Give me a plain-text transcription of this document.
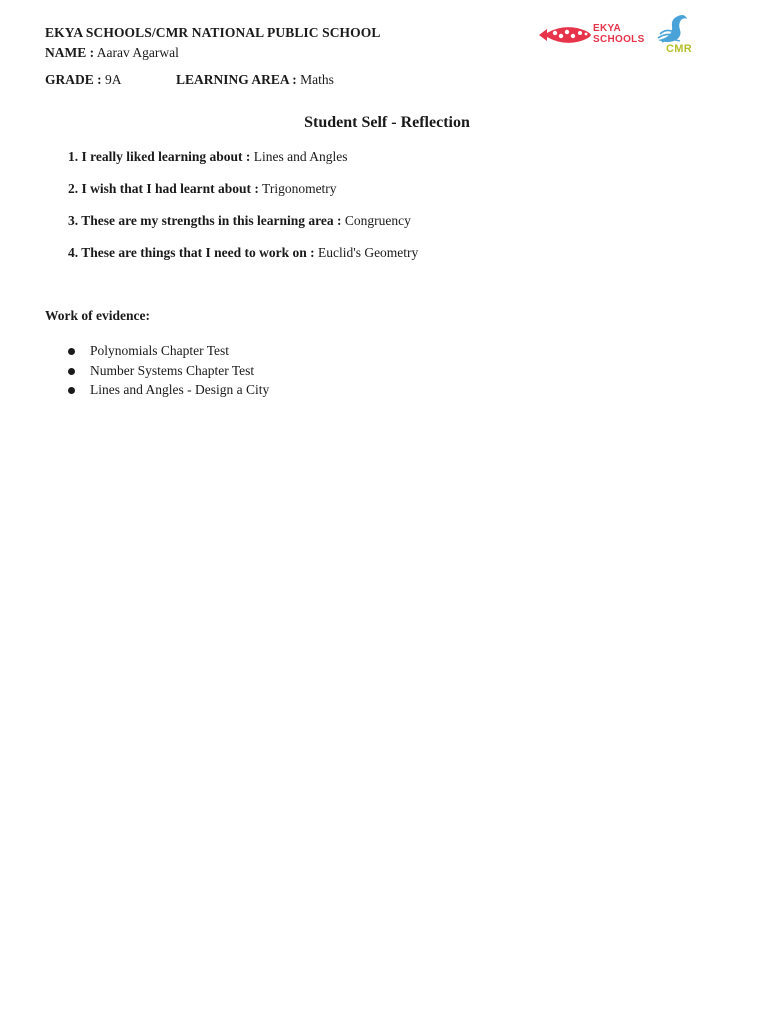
EKYA SCHOOLS/CMR NATIONAL PUBLIC SCHOOL
NAME : Aarav Agarwal
GRADE : 9A	LEARNING AREA : Maths
EKYA
SCHOOLS
CMR
Student Self - Reflection
1. I really liked learning about : Lines and Angles
2. I wish that I had learnt about : Trigonometry
3. These are my strengths in this learning area : Congruency
4. These are things that I need to work on : Euclid's Geometry
Work of evidence:
Polynomials Chapter Test
Number Systems Chapter Test
Lines and Angles - Design a City
